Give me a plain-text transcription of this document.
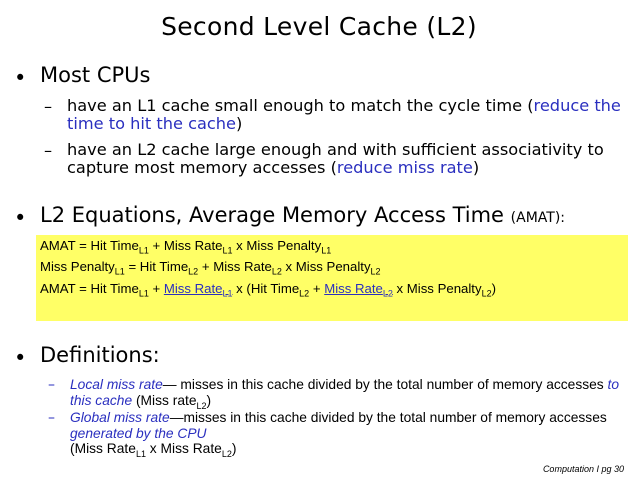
Second Level Cache (L2)
• Most CPUs
– have an L1 cache small enough to match the cycle time (reduce the time to hit the cache)
– have an L2 cache large enough and with sufficient associativity to capture most memory accesses (reduce miss rate)
• L2 Equations, Average Memory Access Time (AMAT):
AMAT = Hit Time$_{L1}$ + Miss Rate$_{L1}$ x Miss Penalty$_{L1}$
Miss Penalty$_{L1}$ = Hit Time$_{L2}$ + Miss Rate$_{L2}$ x Miss Penalty$_{L2}$
AMAT = Hit Time$_{L1}$ + Miss Rate$_{L1}$ x (Hit Time$_{L2}$ + Miss Rate$_{L2}$ x Miss Penalty$_{L2}$)
• Definitions:
– Local miss rate— misses in this cache divided by the total number of memory accesses to this cache (Miss rate$_{L2}$)
– Global miss rate—misses in this cache divided by the total number of memory accesses generated by the CPU
(Miss Rate$_{L1}$ x Miss Rate$_{L2}$)
Computation I pg 30
